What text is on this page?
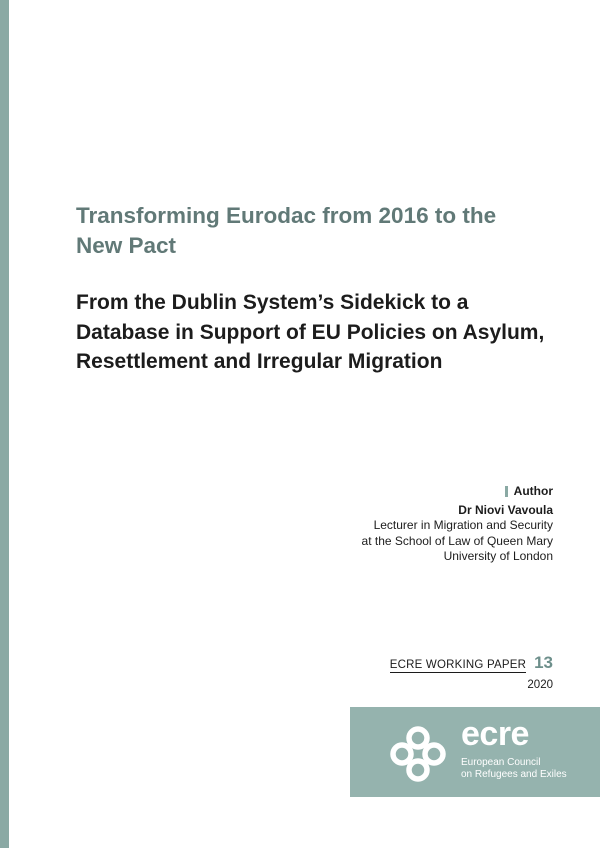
Transforming Eurodac from 2016 to the New Pact
From the Dublin System’s Sidekick to a Database in Support of EU Policies on Asylum, Resettlement and Irregular Migration
Author
Dr Niovi Vavoula
Lecturer in Migration and Security
at the School of Law of Queen Mary
University of London
ECRE WORKING PAPER 13
2020
ecre
European Council
on Refugees and Exiles
